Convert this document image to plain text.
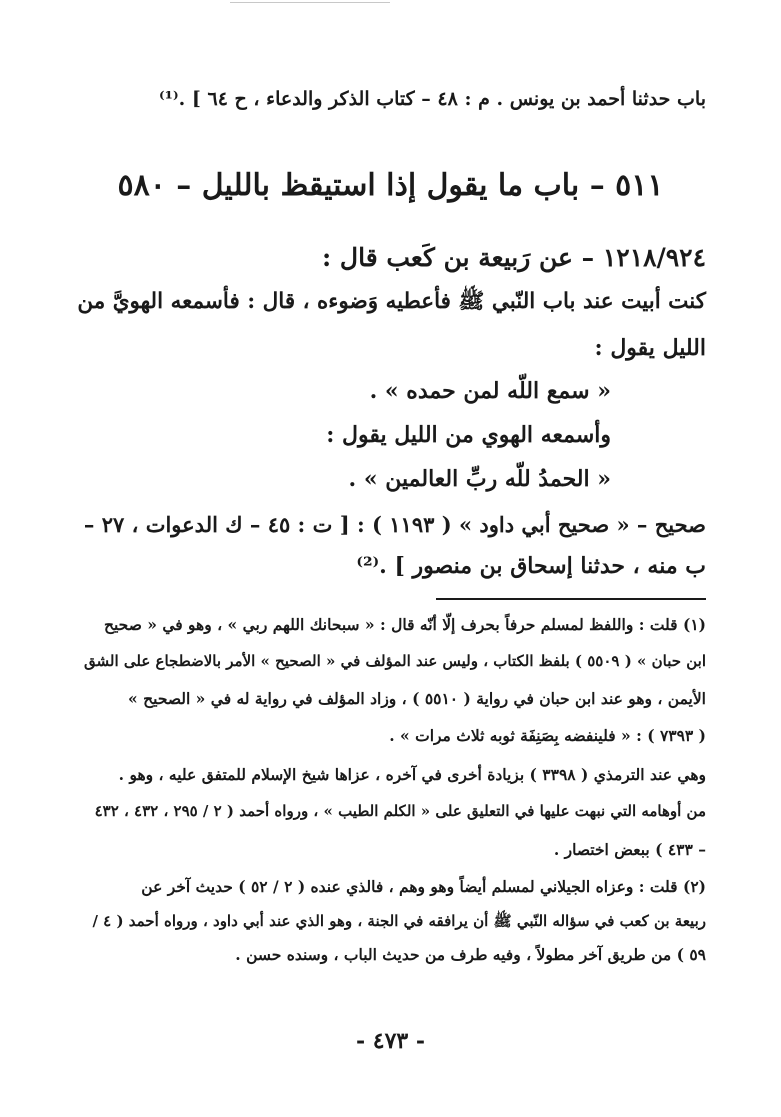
باب حدثنا أحمد بن يونس . م : ٤٨ – كتاب الذكر والدعاء ، ح ٦٤ ] .⁽¹⁾
٥١١ – باب ما يقول إذا استيقظ بالليل – ٥٨٠
١٢١٨/٩٢٤ – عن رَبيعة بن كَعب قال :
كنت أبيت عند باب النّبي ﷺ فأعطيه وَضوءه ، قال : فأسمعه الهويَّ من
الليل يقول :
« سمع اللّه لمن حمده » .
وأسمعه الهوي من الليل يقول :
« الحمدُ للّه ربِّ العالمين » .
صحيح – « صحيح أبي داود » ( ١١٩٣ ) : [ ت : ٤٥ – ك الدعوات ، ٢٧ –
ب منه ، حدثنا إسحاق بن منصور ] .⁽²⁾
(١) قلت : واللفظ لمسلم حرفاً بحرف إلّا أنّه قال : « سبحانك اللهم ربي » ، وهو في « صحيح
ابن حبان » ( ٥٥٠٩ ) بلفظ الكتاب ، وليس عند المؤلف في « الصحيح » الأمر بالاضطجاع على الشق
الأيمن ، وهو عند ابن حبان في رواية ( ٥٥١٠ ) ، وزاد المؤلف في رواية له في « الصحيح »
( ٧٣٩٣ ) : « فلينفضه بِصَنِفَة ثوبه ثلاث مرات » .
وهي عند الترمذي ( ٣٣٩٨ ) بزيادة أخرى في آخره ، عزاها شيخ الإسلام للمتفق عليه ، وهو .
من أوهامه التي نبهت عليها في التعليق على « الكلم الطيب » ، ورواه أحمد ( ٢ / ٢٩٥ ، ٤٣٢ ، ٤٣٢
– ٤٣٣ ) ببعض اختصار .
(٢) قلت : وعزاه الجيلاني لمسلم أيضاً وهو وهم ، فالذي عنده ( ٢ / ٥٢ ) حديث آخر عن
ربيعة بن كعب في سؤاله النّبي ﷺ أن يرافقه في الجنة ، وهو الذي عند أبي داود ، ورواه أحمد ( ٤ /
٥٩ ) من طريق آخر مطولاً ، وفيه طرف من حديث الباب ، وسنده حسن .
- ٤٧٣ -
